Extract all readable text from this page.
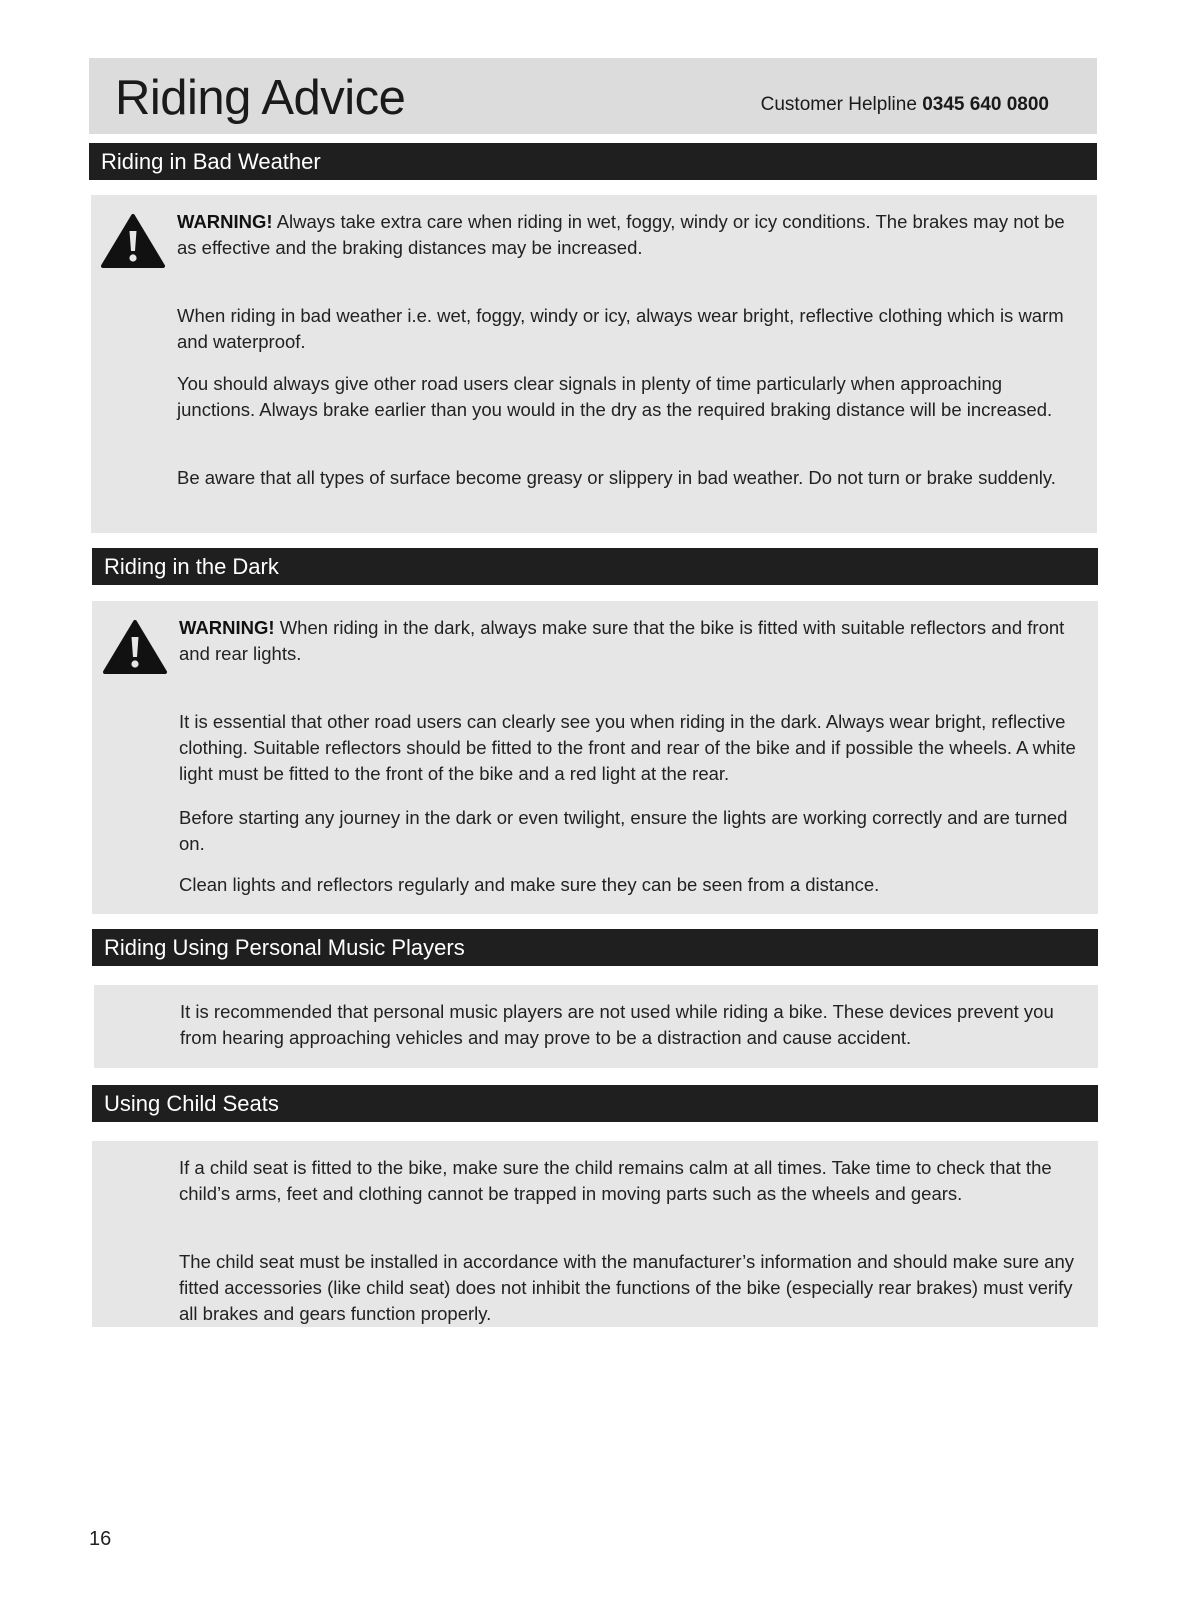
Riding Advice	Customer Helpline 0345 640 0800
Riding in Bad Weather
WARNING! Always take extra care when riding in wet, foggy, windy or icy conditions. The brakes may not be as effective and the braking distances may be increased.
When riding in bad weather i.e. wet, foggy, windy or icy, always wear bright, reflective clothing which is warm and waterproof.
You should always give other road users clear signals in plenty of time particularly when approaching junctions. Always brake earlier than you would in the dry as the required braking distance will be increased.
Be aware that all types of surface become greasy or slippery in bad weather. Do not turn or brake suddenly.
Riding in the Dark
WARNING! When riding in the dark, always make sure that the bike is fitted with suitable reflectors and front and rear lights.
It is essential that other road users can clearly see you when riding in the dark. Always wear bright, reflective clothing. Suitable reflectors should be fitted to the front and rear of the bike and if possible the wheels. A white light must be fitted to the front of the bike and a red light at the rear.
Before starting any journey in the dark or even twilight, ensure the lights are working correctly and are turned on.
Clean lights and reflectors regularly and make sure they can be seen from a distance.
Riding Using Personal Music Players
It is recommended that personal music players are not used while riding a bike. These devices prevent you from hearing approaching vehicles and may prove to be a distraction and cause accident.
Using Child Seats
If a child seat is fitted to the bike, make sure the child remains calm at all times. Take time to check that the child’s arms, feet and clothing cannot be trapped in moving parts such as the wheels and gears.
The child seat must be installed in accordance with the manufacturer’s information and should make sure any fitted accessories (like child seat) does not inhibit the functions of the bike (especially rear brakes) must verify all brakes and gears function properly.
16
